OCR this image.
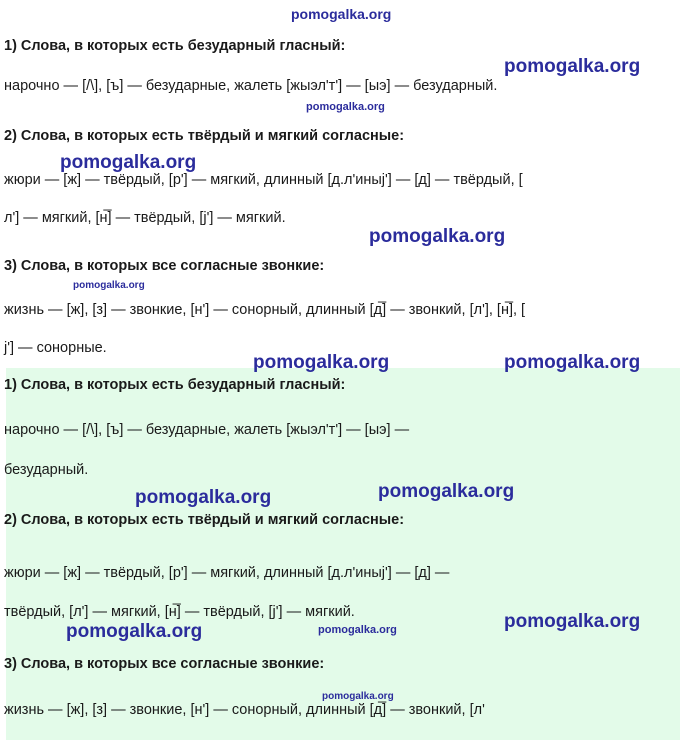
1) Слова, в которых есть безударный гласный:
нарочно — [/\], [ъ] — безударные, жалеть [жыэл'т'] — [ыэ] — безударный.
2) Слова, в которых есть твёрдый и мягкий согласные:
жюри — [ж] — твёрдый, [р'] — мягкий, длинный [д.л'иныj'] — [д] — твёрдый, [
л'] — мягкий, [н̅] — твёрдый, [j'] — мягкий.
3) Слова, в которых все согласные звонкие:
жизнь — [ж], [з] — звонкие, [н'] — сонорный, длинный [д̅] — звонкий, [л'], [н̅], [
j'] — сонорные.
1) Слова, в которых есть безударный гласный:
нарочно — [/\], [ъ] — безударные, жалеть [жыэл'т'] — [ыэ] —
безударный.
2) Слова, в которых есть твёрдый и мягкий согласные:
жюри — [ж] — твёрдый, [р'] — мягкий, длинный [д.л'иныj'] — [д] —
твёрдый, [л'] — мягкий, [н̅] — твёрдый, [j'] — мягкий.
3) Слова, в которых все согласные звонкие:
жизнь — [ж], [з] — звонкие, [н'] — сонорный, длинный [д̅] — звонкий, [л'
pomogalka.org
pomogalka.org
pomogalka.org
pomogalka.org
pomogalka.org
pomogalka.org
pomogalka.org	pomogalka.org
pomogalka.org	pomogalka.org
pomogalka.org	pomogalka.org	pomogalka.org
pomogalka.org
